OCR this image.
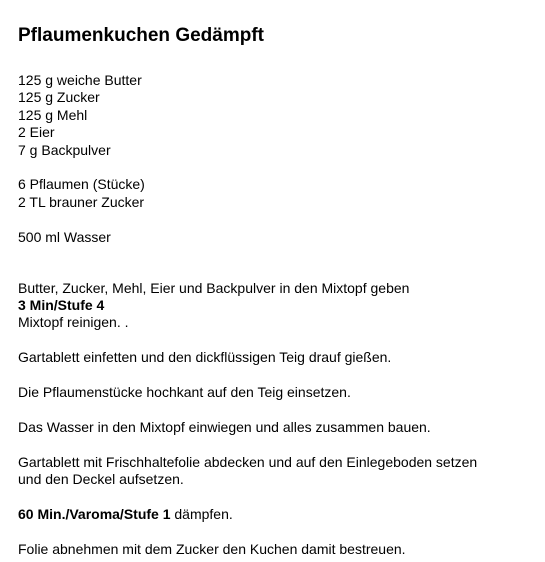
Pflaumenkuchen Gedämpft
125 g weiche Butter
125 g Zucker
125 g Mehl
2 Eier
7 g Backpulver
6 Pflaumen (Stücke)
2 TL brauner Zucker
500 ml Wasser
Butter, Zucker, Mehl, Eier und Backpulver in den Mixtopf geben
3 Min/Stufe 4
Mixtopf reinigen. .
Gartablett einfetten und den dickflüssigen Teig drauf gießen.
Die Pflaumenstücke hochkant auf den Teig einsetzen.
Das Wasser in den Mixtopf einwiegen und alles zusammen bauen.
Gartablett mit Frischhaltefolie abdecken und auf den Einlegeboden setzen
und den Deckel aufsetzen.
60 Min./Varoma/Stufe 1 dämpfen.
Folie abnehmen mit dem Zucker den Kuchen damit bestreuen.
